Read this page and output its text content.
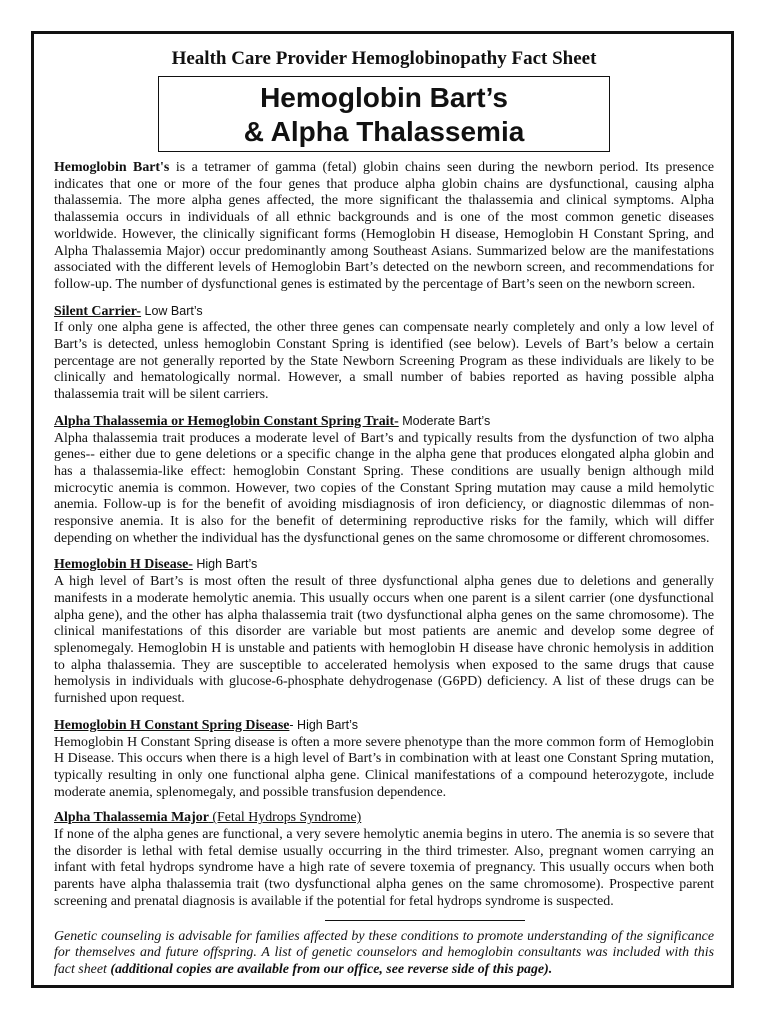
Health Care Provider Hemoglobinopathy Fact Sheet
Hemoglobin Bart’s
& Alpha Thalassemia

Hemoglobin Bart's is a tetramer of gamma (fetal) globin chains seen during the newborn period. Its presence indicates that one or more of the four genes that produce alpha globin chains are dysfunctional, causing alpha thalassemia. The more alpha genes affected, the more significant the thalassemia and clinical symptoms. Alpha thalassemia occurs in individuals of all ethnic backgrounds and is one of the most common genetic diseases worldwide. However, the clinically significant forms (Hemoglobin H disease, Hemoglobin H Constant Spring, and Alpha Thalassemia Major) occur predominantly among Southeast Asians. Summarized below are the manifestations associated with the different levels of Hemoglobin Bart’s detected on the newborn screen, and recommendations for follow-up. The number of dysfunctional genes is estimated by the percentage of Bart’s seen on the newborn screen.

Silent Carrier- Low Bart’s

If only one alpha gene is affected, the other three genes can compensate nearly completely and only a low level of Bart’s is detected, unless hemoglobin Constant Spring is identified (see below). Levels of Bart’s below a certain percentage are not generally reported by the State Newborn Screening Program as these individuals are likely to be clinically and hematologically normal. However, a small number of babies reported as having possible alpha thalassemia trait will be silent carriers.

Alpha Thalassemia or Hemoglobin Constant Spring Trait- Moderate Bart’s

Alpha thalassemia trait produces a moderate level of Bart’s and typically results from the dysfunction of two alpha genes-- either due to gene deletions or a specific change in the alpha gene that produces elongated alpha globin and has a thalassemia-like effect: hemoglobin Constant Spring. These conditions are usually benign although mild microcytic anemia is common. However, two copies of the Constant Spring mutation may cause a mild hemolytic anemia. Follow-up is for the benefit of avoiding misdiagnosis of iron deficiency, or diagnostic dilemmas of non-responsive anemia. It is also for the benefit of determining reproductive risks for the family, which will differ depending on whether the individual has the dysfunctional genes on the same chromosome or different chromosomes.

Hemoglobin H Disease- High Bart’s

A high level of Bart’s is most often the result of three dysfunctional alpha genes due to deletions and generally manifests in a moderate hemolytic anemia. This usually occurs when one parent is a silent carrier (one dysfunctional alpha gene), and the other has alpha thalassemia trait (two dysfunctional alpha genes on the same chromosome). The clinical manifestations of this disorder are variable but most patients are anemic and develop some degree of splenomegaly. Hemoglobin H is unstable and patients with hemoglobin H disease have chronic hemolysis in addition to alpha thalassemia. They are susceptible to accelerated hemolysis when exposed to the same drugs that cause hemolysis in individuals with glucose-6-phosphate dehydrogenase (G6PD) deficiency. A list of these drugs can be furnished upon request.

Hemoglobin H Constant Spring Disease- High Bart’s

Hemoglobin H Constant Spring disease is often a more severe phenotype than the more common form of Hemoglobin H Disease. This occurs when there is a high level of Bart’s in combination with at least one Constant Spring mutation, typically resulting in only one functional alpha gene. Clinical manifestations of a compound heterozygote, include moderate anemia, splenomegaly, and possible transfusion dependence.

Alpha Thalassemia Major (Fetal Hydrops Syndrome)

If none of the alpha genes are functional, a very severe hemolytic anemia begins in utero. The anemia is so severe that the disorder is lethal with fetal demise usually occurring in the third trimester. Also, pregnant women carrying an infant with fetal hydrops syndrome have a high rate of severe toxemia of pregnancy. This usually occurs when both parents have alpha thalassemia trait (two dysfunctional alpha genes on the same chromosome). Prospective parent screening and prenatal diagnosis is available if the potential for fetal hydrops syndrome is suspected.

Genetic counseling is advisable for families affected by these conditions to promote understanding of the significance for themselves and future offspring. A list of genetic counselors and hemoglobin consultants was included with this fact sheet (additional copies are available from our office, see reverse side of this page).
